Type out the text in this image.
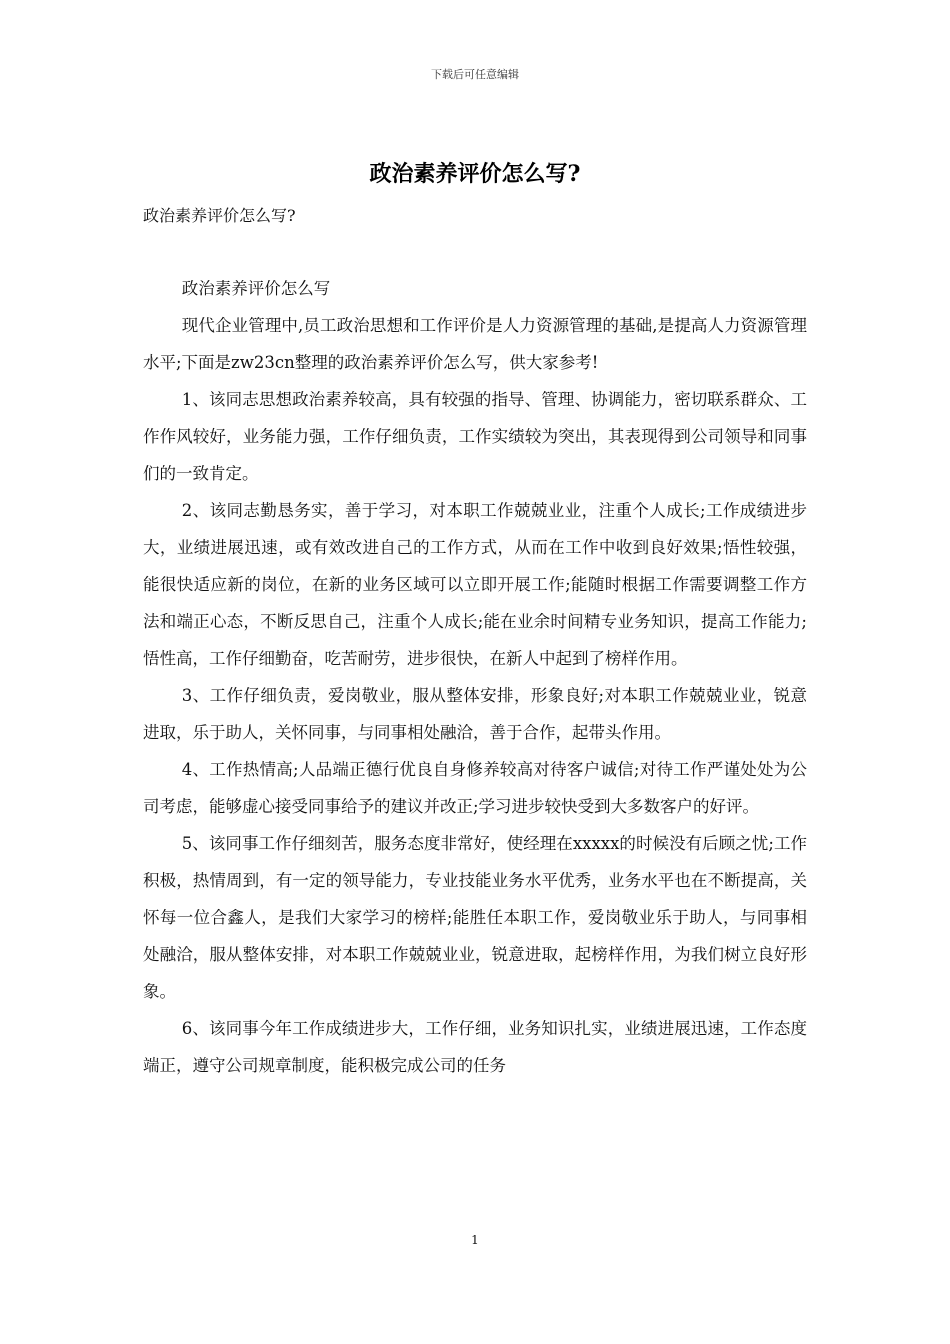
下载后可任意编辑
政治素养评价怎么写?
政治素养评价怎么写?

政治素养评价怎么写

现代企业管理中,员工政治思想和工作评价是人力资源管理的基础,是提高人力资源管理水平;下面是zw23cn整理的政治素养评价怎么写，供大家参考!

1、该同志思想政治素养较高，具有较强的指导、管理、协调能力，密切联系群众、工作作风较好，业务能力强，工作仔细负责，工作实绩较为突出，其表现得到公司领导和同事们的一致肯定。

2、该同志勤恳务实，善于学习，对本职工作兢兢业业，注重个人成长;工作成绩进步大，业绩进展迅速，或有效改进自己的工作方式，从而在工作中收到良好效果;悟性较强，能很快适应新的岗位，在新的业务区域可以立即开展工作;能随时根据工作需要调整工作方法和端正心态，不断反思自己，注重个人成长;能在业余时间精专业务知识，提高工作能力;悟性高，工作仔细勤奋，吃苦耐劳，进步很快，在新人中起到了榜样作用。

3、工作仔细负责，爱岗敬业，服从整体安排，形象良好;对本职工作兢兢业业，锐意进取，乐于助人，关怀同事，与同事相处融洽，善于合作，起带头作用。

4、工作热情高;人品端正德行优良自身修养较高对待客户诚信;对待工作严谨处处为公司考虑，能够虚心接受同事给予的建议并改正;学习进步较快受到大多数客户的好评。

5、该同事工作仔细刻苦，服务态度非常好，使经理在xxxxx的时候没有后顾之忧;工作积极，热情周到，有一定的领导能力，专业技能业务水平优秀，业务水平也在不断提高，关怀每一位合鑫人，是我们大家学习的榜样;能胜任本职工作，爱岗敬业乐于助人，与同事相处融洽，服从整体安排，对本职工作兢兢业业，锐意进取，起榜样作用，为我们树立良好形象。

6、该同事今年工作成绩进步大，工作仔细，业务知识扎实，业绩进展迅速，工作态度端正，遵守公司规章制度，能积极完成公司的任务

1
